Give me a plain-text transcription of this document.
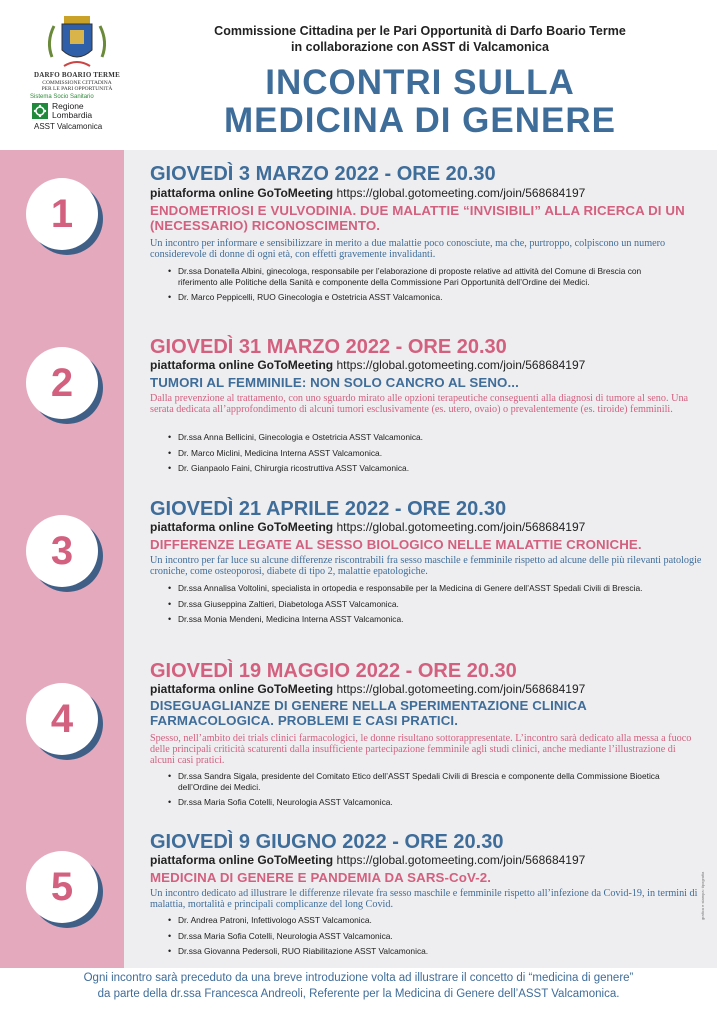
DARFO BOARIO TERME
COMMISSIONE CITTADINA
PER LE PARI OPPORTUNITÀ
Sistema Socio Sanitario
Regione
Lombardia
ASST Valcamonica
Commissione Cittadina per le Pari Opportunità di Darfo Boario Terme
in collaborazione con ASST di Valcamonica
INCONTRI SULLA
MEDICINA DI GENERE
1
GIOVEDÌ 3 MARZO 2022 - ORE 20.30
piattaforma online GoToMeeting https://global.gotomeeting.com/join/568684197
ENDOMETRIOSI E VULVODINIA. DUE MALATTIE “INVISIBILI” ALLA RICERCA DI UN (NECESSARIO) RICONOSCIMENTO.
Un incontro per informare e sensibilizzare in merito a due malattie poco conosciute, ma che, purtroppo, colpiscono un numero considerevole di donne di ogni età, con effetti gravemente invalidanti.
• Dr.ssa Donatella Albini, ginecologa, responsabile per l’elaborazione di proposte relative ad attività del Comune di Brescia con riferimento alle Politiche della Sanità e componente della Commissione Pari Opportunità dell’Ordine dei Medici.
• Dr. Marco Peppicelli, RUO Ginecologia e Ostetricia ASST Valcamonica.
2
GIOVEDÌ 31 MARZO 2022 - ORE 20.30
piattaforma online GoToMeeting https://global.gotomeeting.com/join/568684197
TUMORI AL FEMMINILE: NON SOLO CANCRO AL SENO...
Dalla prevenzione al trattamento, con uno sguardo mirato alle opzioni terapeutiche conseguenti alla diagnosi di tumore al seno. Una serata dedicata all’approfondimento di alcuni tumori esclusivamente (es. utero, ovaio) o prevalentemente (es. tiroide) femminili.
• Dr.ssa Anna Bellicini, Ginecologia e Ostetricia ASST Valcamonica.
• Dr. Marco Miclini, Medicina Interna ASST Valcamonica.
• Dr. Gianpaolo Faini, Chirurgia ricostruttiva ASST Valcamonica.
3
GIOVEDÌ 21 APRILE 2022 - ORE 20.30
piattaforma online GoToMeeting https://global.gotomeeting.com/join/568684197
DIFFERENZE LEGATE AL SESSO BIOLOGICO NELLE MALATTIE CRONICHE.
Un incontro per far luce su alcune differenze riscontrabili fra sesso maschile e femminile rispetto ad alcune delle più rilevanti patologie croniche, come osteoporosi, diabete di tipo 2, malattie epatologiche.
• Dr.ssa Annalisa Voltolini, specialista in ortopedia e responsabile per la Medicina di Genere dell’ASST Spedali Civili di Brescia.
• Dr.ssa Giuseppina Zaltieri, Diabetologa ASST Valcamonica.
• Dr.ssa Monia Mendeni, Medicina Interna ASST Valcamonica.
4
GIOVEDÌ 19 MAGGIO 2022 - ORE 20.30
piattaforma online GoToMeeting https://global.gotomeeting.com/join/568684197
DISEGUAGLIANZE DI GENERE NELLA SPERIMENTAZIONE CLINICA FARMACOLOGICA. PROBLEMI E CASI PRATICI.
Spesso, nell’ambito dei trials clinici farmacologici, le donne risultano sottorappresentate. L’incontro sarà dedicato alla messa a fuoco delle principali criticità scaturenti dalla insufficiente partecipazione femminile agli studi clinici, anche mediante l’illustrazione di alcuni casi pratici.
• Dr.ssa Sandra Sigala, presidente del Comitato Etico dell’ASST Spedali Civili di Brescia e componente della Commissione Bioetica dell’Ordine dei Medici.
• Dr.ssa Maria Sofia Cotelli, Neurologia ASST Valcamonica.
5
GIOVEDÌ 9 GIUGNO 2022 - ORE 20.30
piattaforma online GoToMeeting https://global.gotomeeting.com/join/568684197
MEDICINA DI GENERE E PANDEMIA DA SARS-CoV-2.
Un incontro dedicato ad illustrare le differenze rilevate fra sesso maschile e femminile rispetto all’infezione da Covid-19, in termini di malattia, mortalità e principali complicanze del long Covid.
• Dr. Andrea Patroni, Infettivologo ASST Valcamonica.
• Dr.ssa Maria Sofia Cotelli, Neurologia ASST Valcamonica.
• Dr.ssa Giovanna Pedersoli, RUO Riabilitazione ASST Valcamonica.
Ogni incontro sarà preceduto da una breve introduzione volta ad illustrare il concetto di “medicina di genere”
da parte della dr.ssa Francesca Andreoli, Referente per la Medicina di Genere dell’ASST Valcamonica.
grafica e stampa: tipografia
